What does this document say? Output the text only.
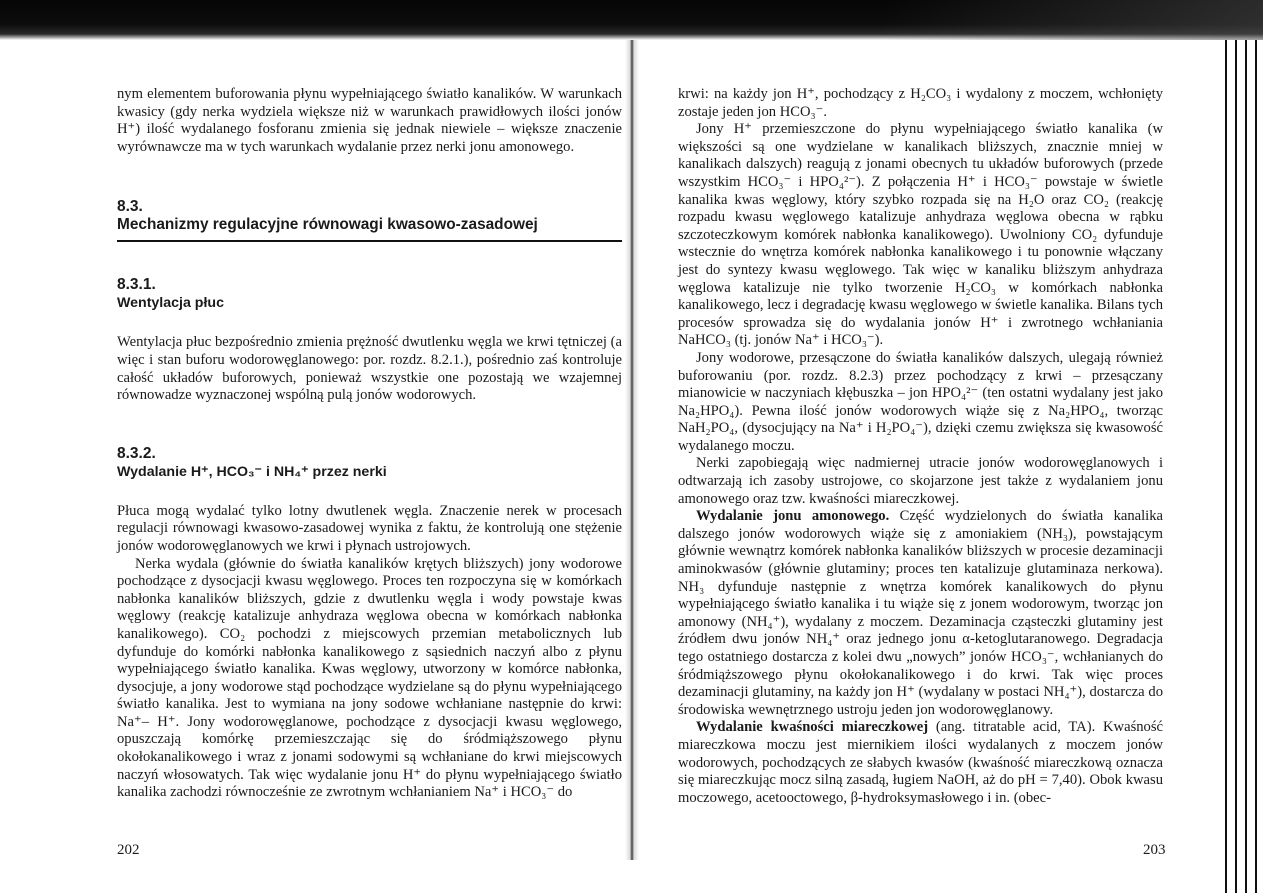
nym elementem buforowania płynu wypełniającego światło kanalików. W warunkach kwasicy (gdy nerka wydziela większe niż w warunkach prawidłowych ilości jonów H⁺) ilość wydalanego fosforanu zmienia się jednak niewiele – większe znaczenie wyrównawcze ma w tych warunkach wydalanie przez nerki jonu amonowego.

8.3.

Mechanizmy regulacyjne równowagi kwasowo-zasadowej

8.3.1.

Wentylacja płuc

Wentylacja płuc bezpośrednio zmienia prężność dwutlenku węgla we krwi tętniczej (a więc i stan buforu wodorowęglanowego: por. rozdz. 8.2.1.), pośrednio zaś kontroluje całość układów buforowych, ponieważ wszystkie one pozostają we wzajemnej równowadze wyznaczonej wspólną pulą jonów wodorowych.

8.3.2.

Wydalanie H⁺, HCO₃⁻ i NH₄⁺ przez nerki

Płuca mogą wydalać tylko lotny dwutlenek węgla. Znaczenie nerek w procesach regulacji równowagi kwasowo-zasadowej wynika z faktu, że kontrolują one stężenie jonów wodorowęglanowych we krwi i płynach ustrojowych.

Nerka wydala (głównie do światła kanalików krętych bliższych) jony wodorowe pochodzące z dysocjacji kwasu węglowego. Proces ten rozpoczyna się w komórkach nabłonka kanalików bliższych, gdzie z dwutlenku węgla i wody powstaje kwas węglowy (reakcję katalizuje anhydraza węglowa obecna w komórkach nabłonka kanalikowego). CO₂ pochodzi z miejscowych przemian metabolicznych lub dyfunduje do komórki nabłonka kanalikowego z sąsiednich naczyń albo z płynu wypełniającego światło kanalika. Kwas węglowy, utworzony w komórce nabłonka, dysocjuje, a jony wodorowe stąd pochodzące wydzielane są do płynu wypełniającego światło kanalika. Jest to wymiana na jony sodowe wchłaniane następnie do krwi: Na⁺– H⁺. Jony wodorowęglanowe, pochodzące z dysocjacji kwasu węglowego, opuszczają komórkę przemieszczając się do śródmiąższowego płynu okołokanalikowego i wraz z jonami sodowymi są wchłaniane do krwi miejscowych naczyń włosowatych. Tak więc wydalanie jonu H⁺ do płynu wypełniającego światło kanalika zachodzi równocześnie ze zwrotnym wchłanianiem Na⁺ i HCO₃⁻ do

krwi: na każdy jon H⁺, pochodzący z H₂CO₃ i wydalony z moczem, wchłonięty zostaje jeden jon HCO₃⁻.

Jony H⁺ przemieszczone do płynu wypełniającego światło kanalika (w większości są one wydzielane w kanalikach bliższych, znacznie mniej w kanalikach dalszych) reagują z jonami obecnych tu układów buforowych (przede wszystkim HCO₃⁻ i HPO₄²⁻). Z połączenia H⁺ i HCO₃⁻ powstaje w świetle kanalika kwas węglowy, który szybko rozpada się na H₂O oraz CO₂ (reakcję rozpadu kwasu węglowego katalizuje anhydraza węglowa obecna w rąbku szczoteczkowym komórek nabłonka kanalikowego). Uwolniony CO₂ dyfunduje wstecznie do wnętrza komórek nabłonka kanalikowego i tu ponownie włączany jest do syntezy kwasu węglowego. Tak więc w kanaliku bliższym anhydraza węglowa katalizuje nie tylko tworzenie H₂CO₃ w komórkach nabłonka kanalikowego, lecz i degradację kwasu węglowego w świetle kanalika. Bilans tych procesów sprowadza się do wydalania jonów H⁺ i zwrotnego wchłaniania NaHCO₃ (tj. jonów Na⁺ i HCO₃⁻).

Jony wodorowe, przesączone do światła kanalików dalszych, ulegają również buforowaniu (por. rozdz. 8.2.3) przez pochodzący z krwi – przesączany mianowicie w naczyniach kłębuszka – jon HPO₄²⁻ (ten ostatni wydalany jest jako Na₂HPO₄). Pewna ilość jonów wodorowych wiąże się z Na₂HPO₄, tworząc NaH₂PO₄, (dysocjujący na Na⁺ i H₂PO₄⁻), dzięki czemu zwiększa się kwasowość wydalanego moczu.

Nerki zapobiegają więc nadmiernej utracie jonów wodorowęglanowych i odtwarzają ich zasoby ustrojowe, co skojarzone jest także z wydalaniem jonu amonowego oraz tzw. kwaśności miareczkowej.

Wydalanie jonu amonowego. Część wydzielonych do światła kanalika dalszego jonów wodorowych wiąże się z amoniakiem (NH₃), powstającym głównie wewnątrz komórek nabłonka kanalików bliższych w procesie dezaminacji aminokwasów (głównie glutaminy; proces ten katalizuje glutaminaza nerkowa). NH₃ dyfunduje następnie z wnętrza komórek kanalikowych do płynu wypełniającego światło kanalika i tu wiąże się z jonem wodorowym, tworząc jon amonowy (NH₄⁺), wydalany z moczem. Dezaminacja cząsteczki glutaminy jest źródłem dwu jonów NH₄⁺ oraz jednego jonu α-ketoglutaranowego. Degradacja tego ostatniego dostarcza z kolei dwu „nowych” jonów HCO₃⁻, wchłanianych do śródmiąższowego płynu okołokanalikowego i do krwi. Tak więc proces dezaminacji glutaminy, na każdy jon H⁺ (wydalany w postaci NH₄⁺), dostarcza do środowiska wewnętrznego ustroju jeden jon wodorowęglanowy.

Wydalanie kwaśności miareczkowej (ang. titratable acid, TA). Kwaśność miareczkowa moczu jest miernikiem ilości wydalanych z moczem jonów wodorowych, pochodzących ze słabych kwasów (kwaśność miareczkową oznacza się miareczkując mocz silną zasadą, ługiem NaOH, aż do pH = 7,40). Obok kwasu moczowego, acetooctowego, β-hydroksymasłowego i in. (obec-

202	203
